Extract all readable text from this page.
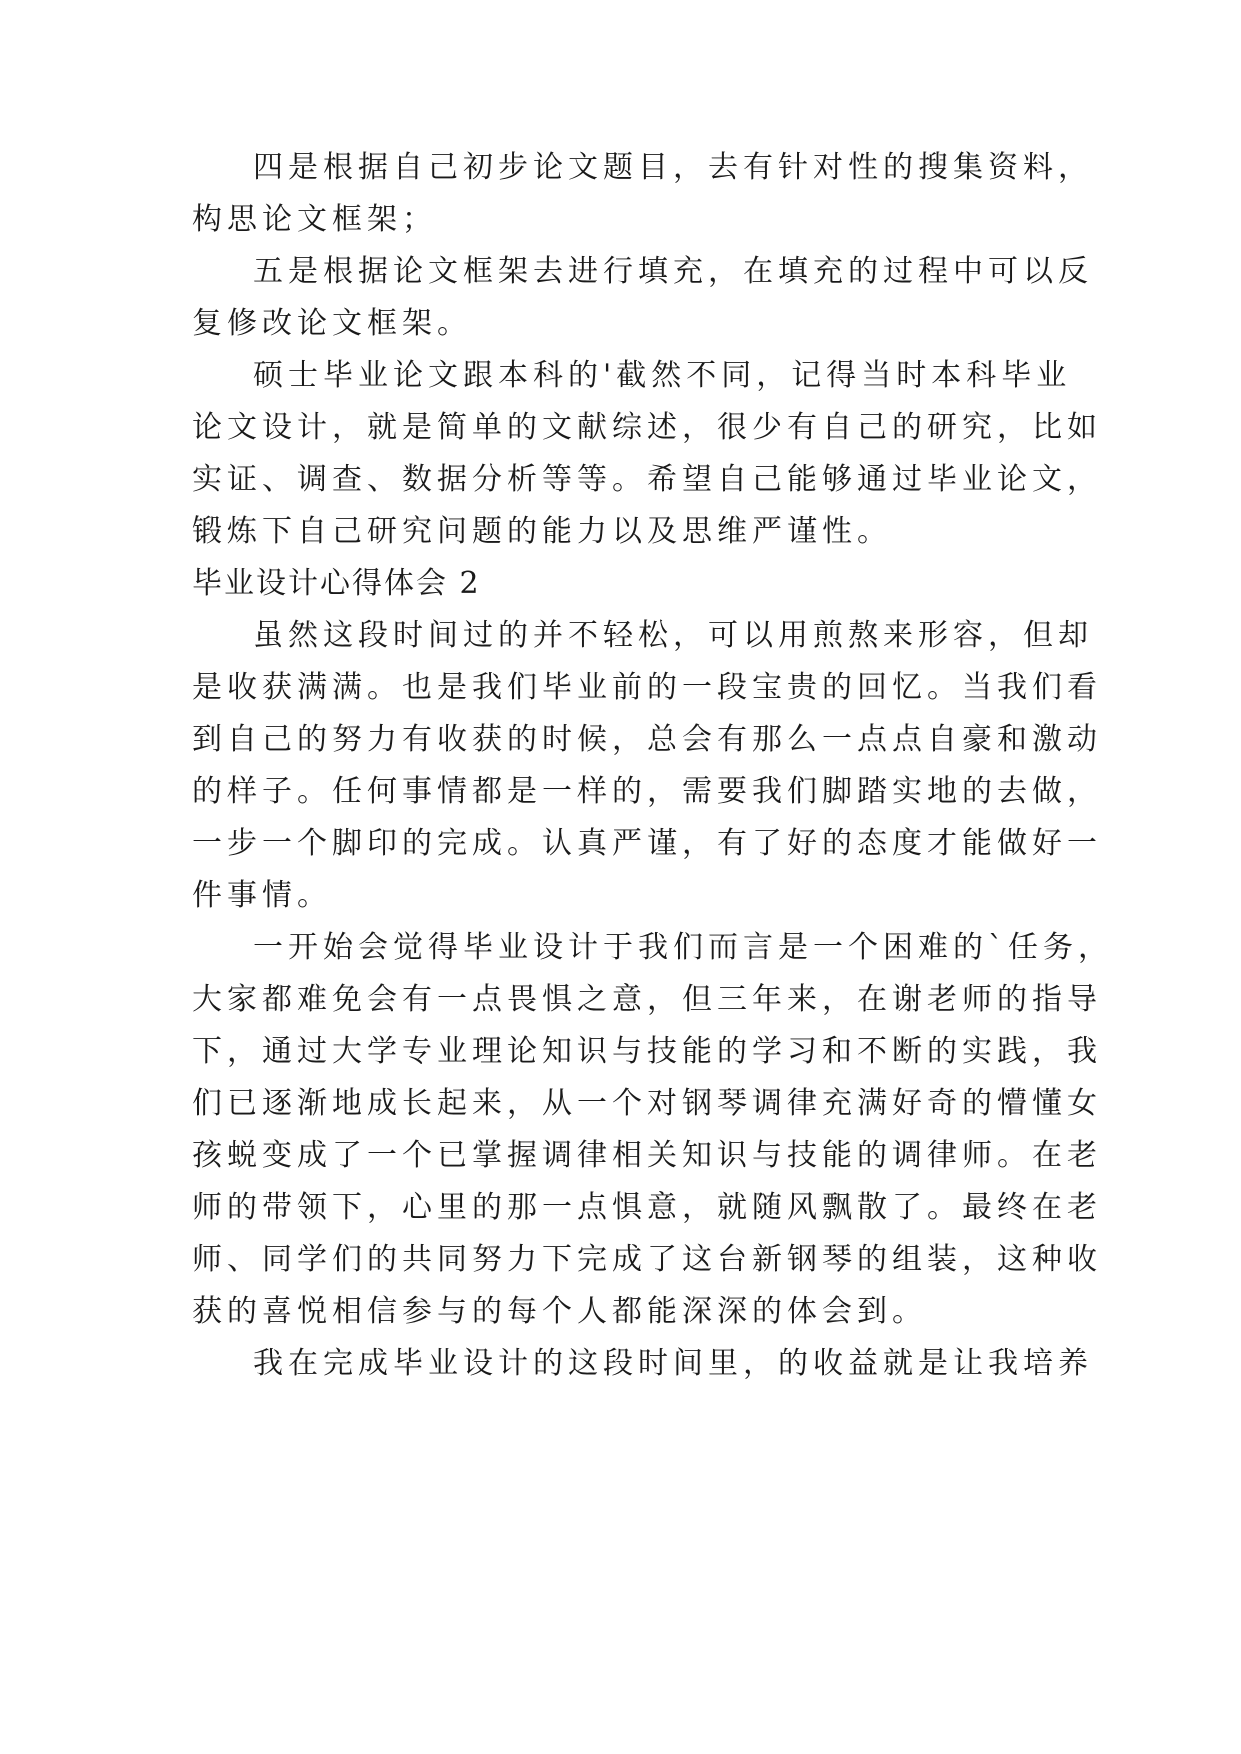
四是根据自己初步论文题目，去有针对性的搜集资料，

构思论文框架；

五是根据论文框架去进行填充，在填充的过程中可以反

复修改论文框架。

硕士毕业论文跟本科的'截然不同，记得当时本科毕业

论文设计，就是简单的文献综述，很少有自己的研究，比如

实证、调查、数据分析等等。希望自己能够通过毕业论文，

锻炼下自己研究问题的能力以及思维严谨性。

毕业设计心得体会 2

虽然这段时间过的并不轻松，可以用煎熬来形容，但却

是收获满满。也是我们毕业前的一段宝贵的回忆。当我们看

到自己的努力有收获的时候，总会有那么一点点自豪和激动

的样子。任何事情都是一样的，需要我们脚踏实地的去做，

一步一个脚印的完成。认真严谨，有了好的态度才能做好一

件事情。

一开始会觉得毕业设计于我们而言是一个困难的`任务，

大家都难免会有一点畏惧之意，但三年来，在谢老师的指导

下，通过大学专业理论知识与技能的学习和不断的实践，我

们已逐渐地成长起来，从一个对钢琴调律充满好奇的懵懂女

孩蜕变成了一个已掌握调律相关知识与技能的调律师。在老

师的带领下，心里的那一点惧意，就随风飘散了。最终在老

师、同学们的共同努力下完成了这台新钢琴的组装，这种收

获的喜悦相信参与的每个人都能深深的体会到。

我在完成毕业设计的这段时间里，的收益就是让我培养
